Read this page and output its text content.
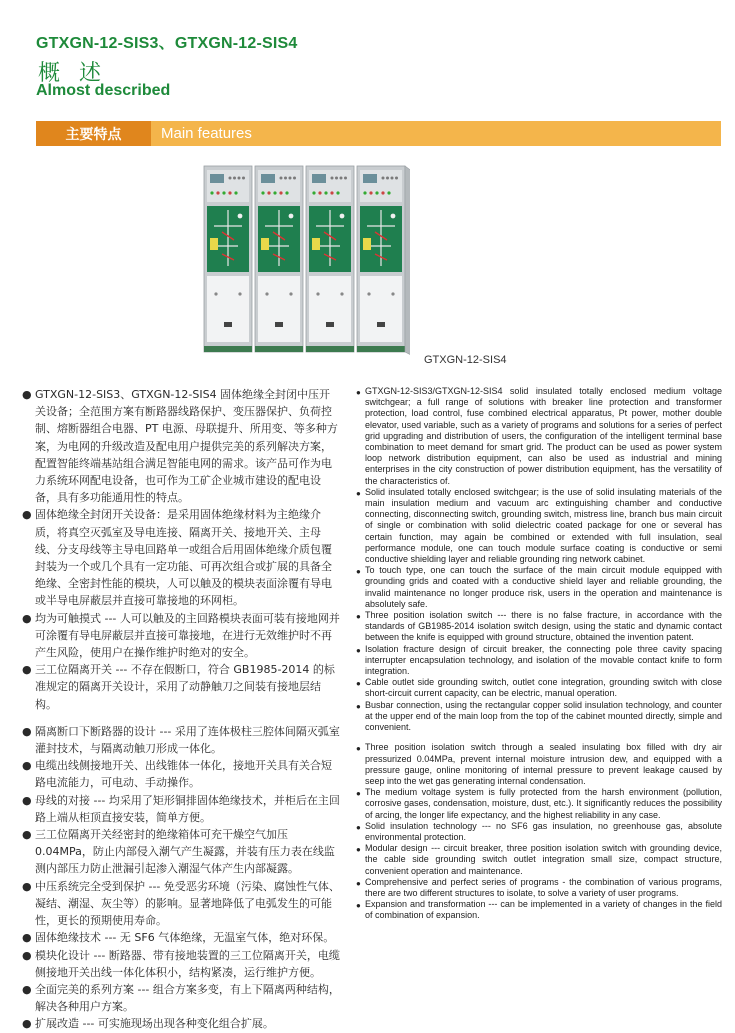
GTXGN-12-SIS3、GTXGN-12-SIS4
概 述
Almost described
主要特点	Main features
GTXGN-12-SIS4
● GTXGN-12-SIS3、GTXGN-12-SIS4 固体绝缘全封闭中压开关设备；全范围方案有断路器线路保护、变压器保护、负荷控制、熔断器组合电器、PT 电源、母联提升、所用变、等多种方案，为电网的升级改造及配电用户提供完美的系列解决方案，配置智能终端基站组合满足智能电网的需求。该产品可作为电力系统环网配电设备，也可作为工矿企业城市建设的配电设备，具有多功能通用性的特点。
● 固体绝缘全封闭开关设备：是采用固体绝缘材料为主绝缘介质，将真空灭弧室及导电连接、隔离开关、接地开关、主母线、分支母线等主导电回路单一或组合后用固体绝缘介质包覆封装为一个或几个具有一定功能、可再次组合或扩展的具备全绝缘、全密封性能的模块，人可以触及的模块表面涂覆有导电或半导电屏蔽层并直接可靠接地的环网柜。
● 均为可触摸式 --- 人可以触及的主回路模块表面可装有接地网并可涂覆有导电屏蔽层并直接可靠接地，在进行无效维护时不再产生风险，使用户在操作维护时绝对的安全。
● 三工位隔离开关 --- 不存在假断口，符合 GB1985-2014 的标准规定的隔离开关设计，采用了动静触刀之间装有接地层结构。
● 隔离断口下断路器的设计 --- 采用了连体极柱三腔体间隔灭弧室灌封技术，与隔离动触刀形成一体化。
● 电缆出线侧接地开关、出线锥体一体化，接地开关具有关合短路电流能力，可电动、手动操作。
● 母线的对接 --- 均采用了矩形铜排固体绝缘技术，并柜后在主回路上端从柜顶直接安装，简单方便。
● 三工位隔离开关经密封的绝缘箱体可充干燥空气加压 0.04MPa，防止内部侵入潮气产生凝露，并装有压力表在线监测内部压力防止泄漏引起渗入潮湿气体产生内部凝露。
● 中压系统完全受到保护 --- 免受恶劣环境（污染、腐蚀性气体、凝结、潮湿、灰尘等）的影响。显著地降低了电弧发生的可能性，更长的预期使用寿命。
● 固体绝缘技术 --- 无 SF6 气体绝缘，无温室气体，绝对环保。
● 模块化设计 --- 断路器、带有接地装置的三工位隔离开关，电缆侧接地开关出线一体化体积小，结构紧凑，运行维护方便。
● 全面完美的系列方案 --- 组合方案多变，有上下隔离两种结构，解决各种用户方案。
● 扩展改造 --- 可实施现场出现各种变化组合扩展。
● GTXGN-12-SIS3/GTXGN-12-SIS4 solid insulated totally enclosed medium voltage switchgear; a full range of solutions with breaker line protection and transformer protection, load control, fuse combined electrical apparatus, Pt power, mother double elevator, used variable, such as a variety of programs and solutions for a series of perfect grid upgrading and distribution of users, the configuration of the intelligent terminal base combination to meet demand for smart grid. The product can be used as power system loop network distribution equipment, can also be used as industrial and mining enterprises in the city construction of power distribution equipment, has the versatility of the characteristics of.
● Solid insulated totally enclosed switchgear; is the use of solid insulating materials of the main insulation medium and vacuum arc extinguishing chamber and conductive connecting, disconnecting switch, grounding switch, mistress line, branch bus main circuit of single or combination with solid dielectric coated package for one or several has certain function, may again be combined or extended with full insulation, seal performance module, one can touch module surface coating is conductive or semi conductive shielding layer and reliable grounding ring network cabinet.
● To touch type, one can touch the surface of the main circuit module equipped with grounding grids and coated with a conductive shield layer and reliable grounding, the invalid maintenance no longer produce risk, users in the operation and maintenance is absolutely safe.
● Three position isolation switch --- there is no false fracture, in accordance with the standards of GB1985-2014 isolation switch design, using the static and dynamic contact between the knife is equipped with ground structure, obtained the invention patent.
● Isolation fracture design of circuit breaker, the connecting pole three cavity spacing interrupter encapsulation technology, and isolation of the movable contact knife to form integration.
● Cable outlet side grounding switch, outlet cone integration, grounding switch with close short-circuit current capacity, can be electric, manual operation.
● Busbar connection, using the rectangular copper solid insulation technology, and counter at the upper end of the main loop from the top of the cabinet mounted directly, simple and convenient.
● Three position isolation switch through a sealed insulating box filled with dry air pressurized 0.04MPa, prevent internal moisture intrusion dew, and equipped with a pressure gauge, online monitoring of internal pressure to prevent leakage caused by seep into the wet gas generating internal condensation.
● The medium voltage system is fully protected from the harsh environment (pollution, corrosive gases, condensation, moisture, dust, etc.). It significantly reduces the possibility of arcing, the longer life expectancy, and the highest reliability in any case.
● Solid insulation technology --- no SF6 gas insulation, no greenhouse gas, absolute environmental protection.
● Modular design --- circuit breaker, three position isolation switch with grounding device, the cable side grounding switch outlet integration small size, compact structure, convenient operation and maintenance.
● Comprehensive and perfect series of programs - the combination of various programs, there are two different structures to isolate, to solve a variety of user programs.
● Expansion and transformation --- can be implemented in a variety of changes in the field of combination of expansion.
